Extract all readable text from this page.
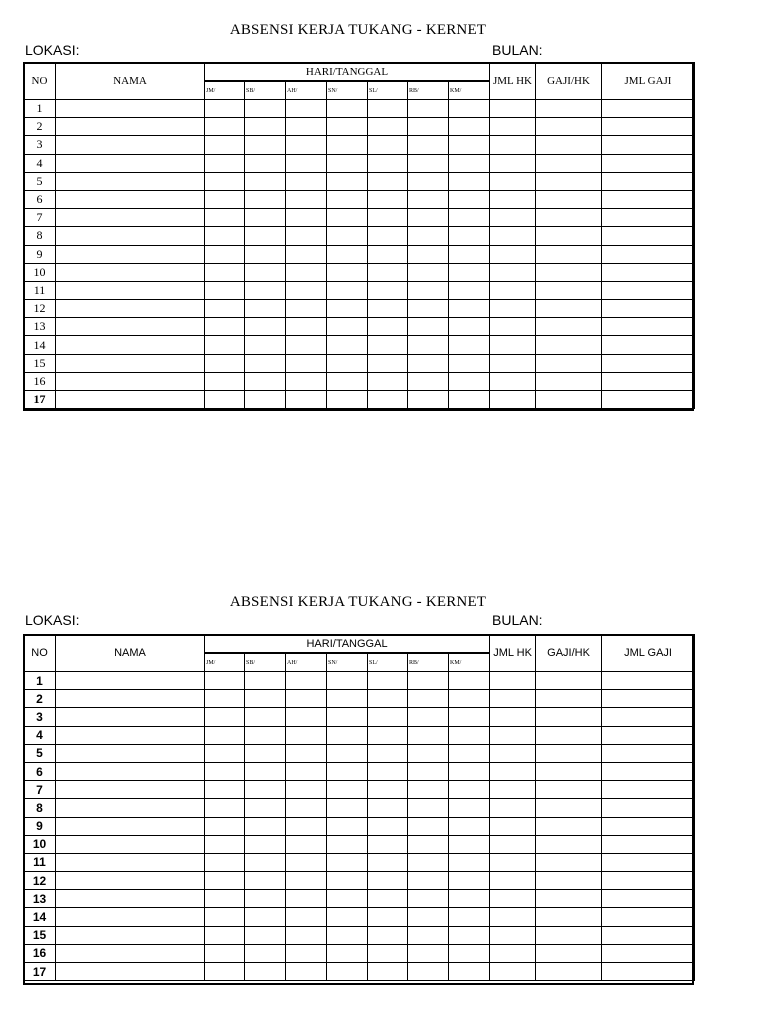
ABSENSI KERJA TUKANG - KERNET
LOKASI:	BULAN:
NO	NAMA	HARI/TANGGAL							JML HK	GAJI/HK	JML GAJI
		JM/	SB/	AH/	SN/	SL/	RB/	KM/			
1											
2											
3											
4											
5											
6											
7											
8											
9											
10											
11											
12											
13											
14											
15											
16											
17											
ABSENSI KERJA TUKANG - KERNET
LOKASI:	BULAN:
NO	NAMA	HARI/TANGGAL							JML HK	GAJI/HK	JML GAJI
		JM/	SB/	AH/	SN/	SL/	RB/	KM/			
1											
2											
3											
4											
5											
6											
7											
8											
9											
10											
11											
12											
13											
14											
15											
16											
17											
